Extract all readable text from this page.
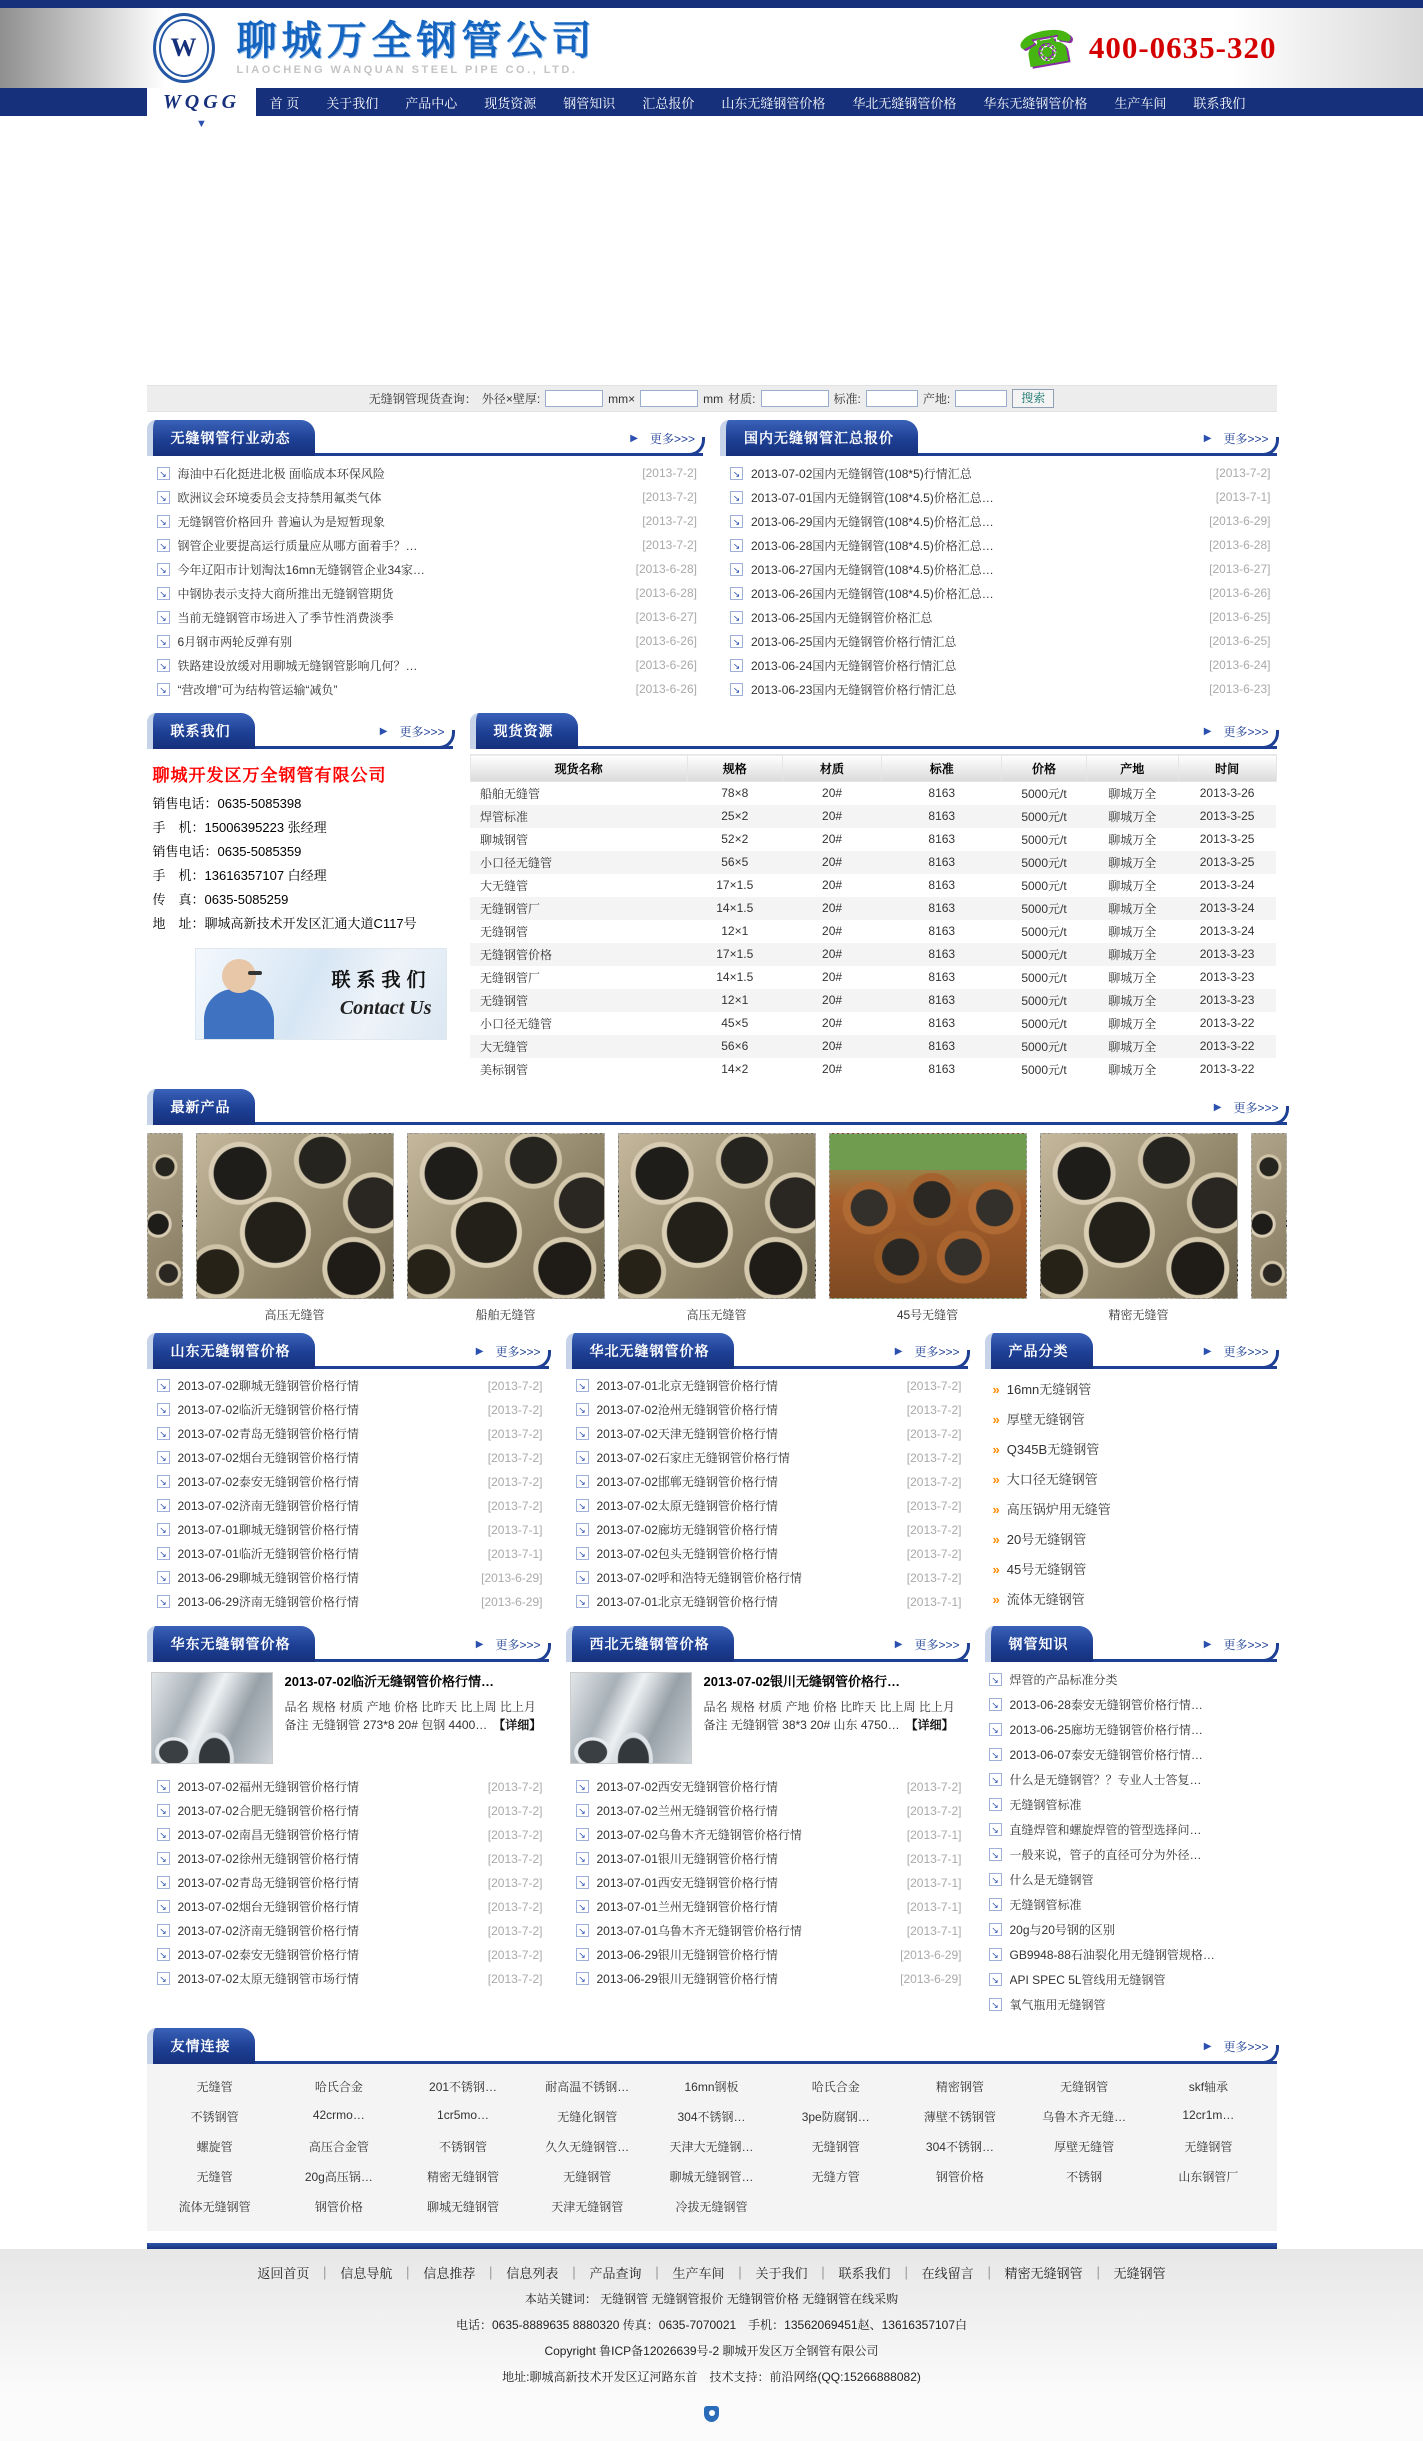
W 聊城万全钢管公司
LIAOCHENG WANQUAN STEEL PIPE CO., LTD.	☎ 400-0635-320
WQGG	首 页	关于我们	产品中心	现货资源	钢管知识	汇总报价	山东无缝钢管价格	华北无缝钢管价格	华东无缝钢管价格	生产车间	联系我们
▼
无缝钢管现货查询： 外径×壁厚:	mm×	mm 材质:	标准:	产地:	搜索
无缝钢管行业动态	▶ 更多>>>
↘
海油中石化挺进北极 面临成本环保风险	[2013-7-2]
↘
欧洲议会环境委员会支持禁用氟类气体	[2013-7-2]
↘
无缝钢管价格回升 普遍认为是短暂现象	[2013-7-2]
↘
钢管企业要提高运行质量应从哪方面着手？…	[2013-7-2]
↘
今年辽阳市计划淘汰16mn无缝钢管企业34家…	[2013-6-28]
↘
中钢协表示支持大商所推出无缝钢管期货	[2013-6-28]
↘
当前无缝钢管市场进入了季节性消费淡季	[2013-6-27]
↘
6月钢市两轮反弹有别	[2013-6-26]
↘
铁路建设放缓对用聊城无缝钢管影响几何？…	[2013-6-26]
↘
“营改增”可为结构管运输“减负”	[2013-6-26]
国内无缝钢管汇总报价	▶ 更多>>>
↘
2013-07-02国内无缝钢管(108*5)行情汇总	[2013-7-2]
↘
2013-07-01国内无缝钢管(108*4.5)价格汇总…	[2013-7-1]
↘
2013-06-29国内无缝钢管(108*4.5)价格汇总…	[2013-6-29]
↘
2013-06-28国内无缝钢管(108*4.5)价格汇总…	[2013-6-28]
↘
2013-06-27国内无缝钢管(108*4.5)价格汇总…	[2013-6-27]
↘
2013-06-26国内无缝钢管(108*4.5)价格汇总…	[2013-6-26]
↘
2013-06-25国内无缝钢管价格汇总	[2013-6-25]
↘
2013-06-25国内无缝钢管价格行情汇总	[2013-6-25]
↘
2013-06-24国内无缝钢管价格行情汇总	[2013-6-24]
↘
2013-06-23国内无缝钢管价格行情汇总	[2013-6-23]
联系我们	▶ 更多>>>
聊城开发区万全钢管有限公司
销售电话：0635-5085398
手　机：15006395223 张经理
销售电话：0635-5085359
手　机：13616357107 白经理
传　真：0635-5085259
地　址：聊城高新技术开发区汇通大道C117号
联系我们
Contact Us
现货资源	▶ 更多>>>
现货名称	规格	材质	标准	价格	产地	时间
船舶无缝管	78×8	20#	8163	5000元/t	聊城万全	2013-3-26
焊管标准	25×2	20#	8163	5000元/t	聊城万全	2013-3-25
聊城钢管	52×2	20#	8163	5000元/t	聊城万全	2013-3-25
小口径无缝管	56×5	20#	8163	5000元/t	聊城万全	2013-3-25
大无缝管	17×1.5	20#	8163	5000元/t	聊城万全	2013-3-24
无缝钢管厂	14×1.5	20#	8163	5000元/t	聊城万全	2013-3-24
无缝钢管	12×1	20#	8163	5000元/t	聊城万全	2013-3-24
无缝钢管价格	17×1.5	20#	8163	5000元/t	聊城万全	2013-3-23
无缝钢管厂	14×1.5	20#	8163	5000元/t	聊城万全	2013-3-23
无缝钢管	12×1	20#	8163	5000元/t	聊城万全	2013-3-23
小口径无缝管	45×5	20#	8163	5000元/t	聊城万全	2013-3-22
大无缝管	56×6	20#	8163	5000元/t	聊城万全	2013-3-22
美标钢管	14×2	20#	8163	5000元/t	聊城万全	2013-3-22
最新产品	▶ 更多>>>
高压无缝管	船舶无缝管	高压无缝管	45号无缝管	精密无缝管
山东无缝钢管价格	▶ 更多>>>
↘
2013-07-02聊城无缝钢管价格行情	[2013-7-2]
↘
2013-07-02临沂无缝钢管价格行情	[2013-7-2]
↘
2013-07-02青岛无缝钢管价格行情	[2013-7-2]
↘
2013-07-02烟台无缝钢管价格行情	[2013-7-2]
↘
2013-07-02泰安无缝钢管价格行情	[2013-7-2]
↘
2013-07-02济南无缝钢管价格行情	[2013-7-2]
↘
2013-07-01聊城无缝钢管价格行情	[2013-7-1]
↘
2013-07-01临沂无缝钢管价格行情	[2013-7-1]
↘
2013-06-29聊城无缝钢管价格行情	[2013-6-29]
↘
2013-06-29济南无缝钢管价格行情	[2013-6-29]
华北无缝钢管价格	▶ 更多>>>
↘
2013-07-01北京无缝钢管价格行情	[2013-7-2]
↘
2013-07-02沧州无缝钢管价格行情	[2013-7-2]
↘
2013-07-02天津无缝钢管价格行情	[2013-7-2]
↘
2013-07-02石家庄无缝钢管价格行情	[2013-7-2]
↘
2013-07-02邯郸无缝钢管价格行情	[2013-7-2]
↘
2013-07-02太原无缝钢管价格行情	[2013-7-2]
↘
2013-07-02廊坊无缝钢管价格行情	[2013-7-2]
↘
2013-07-02包头无缝钢管价格行情	[2013-7-2]
↘
2013-07-02呼和浩特无缝钢管价格行情	[2013-7-2]
↘
2013-07-01北京无缝钢管价格行情	[2013-7-1]
产品分类	▶ 更多>>>
» 16mn无缝钢管
» 厚壁无缝钢管
» Q345B无缝钢管
» 大口径无缝钢管
» 高压锅炉用无缝管
» 20号无缝钢管
» 45号无缝钢管
» 流体无缝钢管
华东无缝钢管价格	▶ 更多>>>
2013-07-02临沂无缝钢管价格行情…
品名 规格 材质 产地 价格 比昨天 比上周 比上月 备注 无缝钢管 273*8 20# 包钢 4400… 【详细】
↘
2013-07-02福州无缝钢管价格行情	[2013-7-2]
↘
2013-07-02合肥无缝钢管价格行情	[2013-7-2]
↘
2013-07-02南昌无缝钢管价格行情	[2013-7-2]
↘
2013-07-02徐州无缝钢管价格行情	[2013-7-2]
↘
2013-07-02青岛无缝钢管价格行情	[2013-7-2]
↘
2013-07-02烟台无缝钢管价格行情	[2013-7-2]
↘
2013-07-02济南无缝钢管价格行情	[2013-7-2]
↘
2013-07-02泰安无缝钢管价格行情	[2013-7-2]
↘
2013-07-02太原无缝钢管市场行情	[2013-7-2]
西北无缝钢管价格	▶ 更多>>>
2013-07-02银川无缝钢管价格行…
品名 规格 材质 产地 价格 比昨天 比上周 比上月 备注 无缝钢管 38*3 20# 山东 4750… 【详细】
↘
2013-07-02西安无缝钢管价格行情	[2013-7-2]
↘
2013-07-02兰州无缝钢管价格行情	[2013-7-2]
↘
2013-07-02乌鲁木齐无缝钢管价格行情	[2013-7-1]
↘
2013-07-01银川无缝钢管价格行情	[2013-7-1]
↘
2013-07-01西安无缝钢管价格行情	[2013-7-1]
↘
2013-07-01兰州无缝钢管价格行情	[2013-7-1]
↘
2013-07-01乌鲁木齐无缝钢管价格行情	[2013-7-1]
↘
2013-06-29银川无缝钢管价格行情	[2013-6-29]
↘
2013-06-29银川无缝钢管价格行情	[2013-6-29]
钢管知识	▶ 更多>>>
↘
焊管的产品标准分类
↘
2013-06-28泰安无缝钢管价格行情…
↘
2013-06-25廊坊无缝钢管价格行情…
↘
2013-06-07泰安无缝钢管价格行情…
↘
什么是无缝钢管？？专业人士答复…
↘
无缝钢管标准
↘
直缝焊管和螺旋焊管的管型选择问…
↘
一般来说，管子的直径可分为外径…
↘
什么是无缝钢管
↘
无缝钢管标准
↘
20g与20号钢的区别
↘
GB9948-88石油裂化用无缝钢管规格…
↘
API SPEC 5L管线用无缝钢管
↘
氧气瓶用无缝钢管
友情连接	▶ 更多>>>
无缝管	哈氏合金	201不锈钢…	耐高温不锈钢…	16mn钢板	哈氏合金	精密钢管	无缝钢管	skf轴承
不锈钢管	42crmo…	1cr5mo…	无缝化钢管	304不锈钢…	3pe防腐钢…	薄壁不锈钢管	乌鲁木齐无缝…	12cr1m…
螺旋管	高压合金管	不锈钢管	久久无缝钢管…	天津大无缝钢…	无缝钢管	304不锈钢…	厚壁无缝管	无缝钢管
无缝管	20g高压锅…	精密无缝钢管	无缝钢管	聊城无缝钢管…	无缝方管	钢管价格	不锈钢	山东钢管厂
流体无缝钢管	钢管价格	聊城无缝钢管	天津无缝钢管	冷拔无缝钢管
返回首页 ｜ 信息导航 ｜ 信息推荐 ｜ 信息列表 ｜ 产品查询 ｜ 生产车间 ｜ 关于我们 ｜ 联系我们 ｜ 在线留言 ｜ 精密无缝钢管 ｜ 无缝钢管
本站关键词： 无缝钢管 无缝钢管报价 无缝钢管价格 无缝钢管在线采购
电话：0635-8889635 8880320 传真：0635-7070021　手机：13562069451赵、13616357107白
Copyright 鲁ICP备12026639号-2 聊城开发区万全钢管有限公司
地址:聊城高新技术开发区辽河路东首　技术支持：前沿网络(QQ:15266888082)
